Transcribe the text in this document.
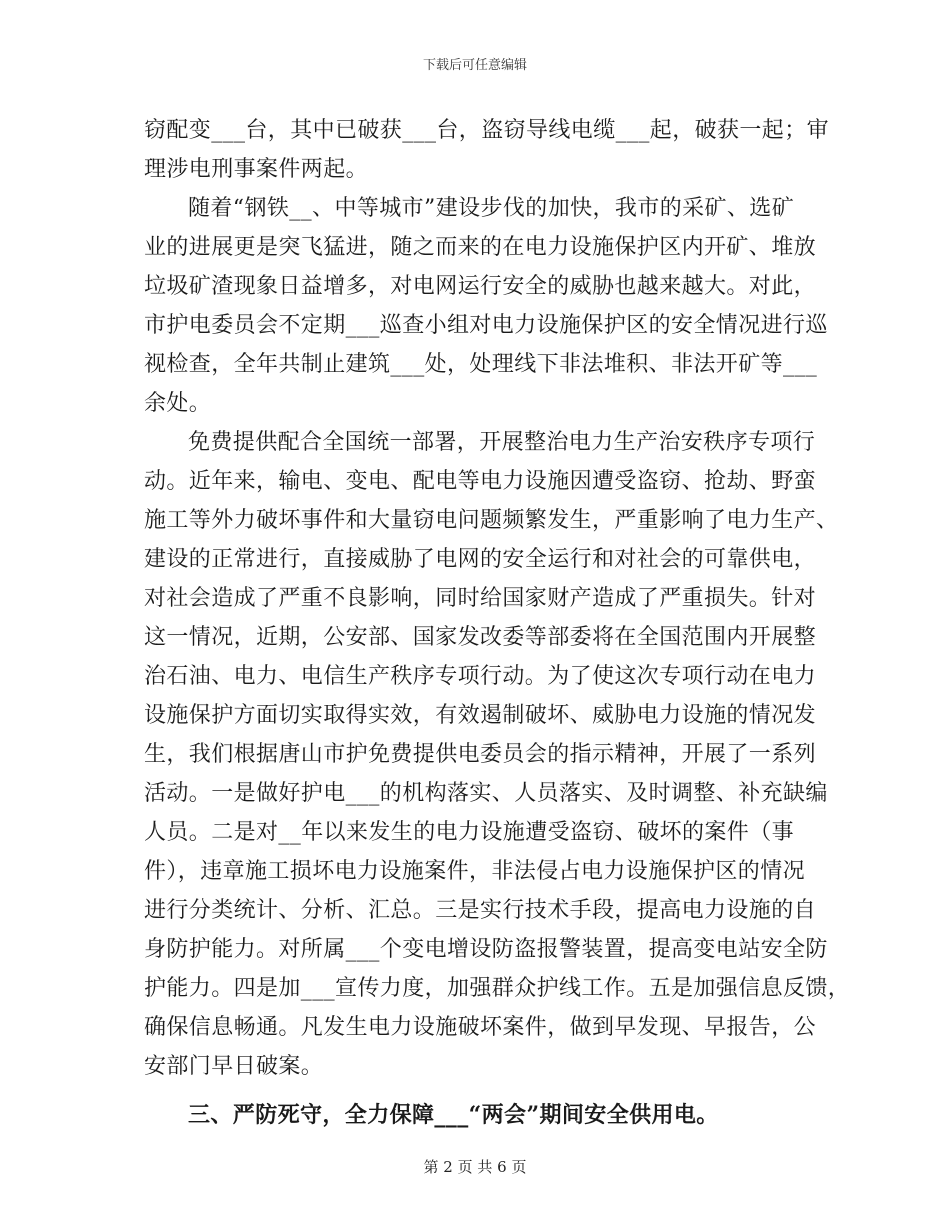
下载后可任意编辑
窃配变___台，其中已破获___台，盗窃导线电缆___起，破获一起；审
理涉电刑事案件两起。
随着“钢铁__、中等城市”建设步伐的加快，我市的采矿、选矿
业的进展更是突飞猛进，随之而来的在电力设施保护区内开矿、堆放
垃圾矿渣现象日益增多，对电网运行安全的威胁也越来越大。对此，
市护电委员会不定期___巡查小组对电力设施保护区的安全情况进行巡
视检查，全年共制止建筑___处，处理线下非法堆积、非法开矿等___
余处。
免费提供配合全国统一部署，开展整治电力生产治安秩序专项行
动。近年来，输电、变电、配电等电力设施因遭受盗窃、抢劫、野蛮
施工等外力破坏事件和大量窃电问题频繁发生，严重影响了电力生产、
建设的正常进行，直接威胁了电网的安全运行和对社会的可靠供电，
对社会造成了严重不良影响，同时给国家财产造成了严重损失。针对
这一情况，近期，公安部、国家发改委等部委将在全国范围内开展整
治石油、电力、电信生产秩序专项行动。为了使这次专项行动在电力
设施保护方面切实取得实效，有效遏制破坏、威胁电力设施的情况发
生，我们根据唐山市护免费提供电委员会的指示精神，开展了一系列
活动。一是做好护电___的机构落实、人员落实、及时调整、补充缺编
人员。二是对__年以来发生的电力设施遭受盗窃、破坏的案件（事
件），违章施工损坏电力设施案件，非法侵占电力设施保护区的情况
进行分类统计、分析、汇总。三是实行技术手段，提高电力设施的自
身防护能力。对所属___个变电增设防盗报警装置，提高变电站安全防
护能力。四是加___宣传力度，加强群众护线工作。五是加强信息反馈，
确保信息畅通。凡发生电力设施破坏案件，做到早发现、早报告，公
安部门早日破案。
三、严防死守，全力保障___“两会”期间安全供用电。
第 2 页 共 6 页
